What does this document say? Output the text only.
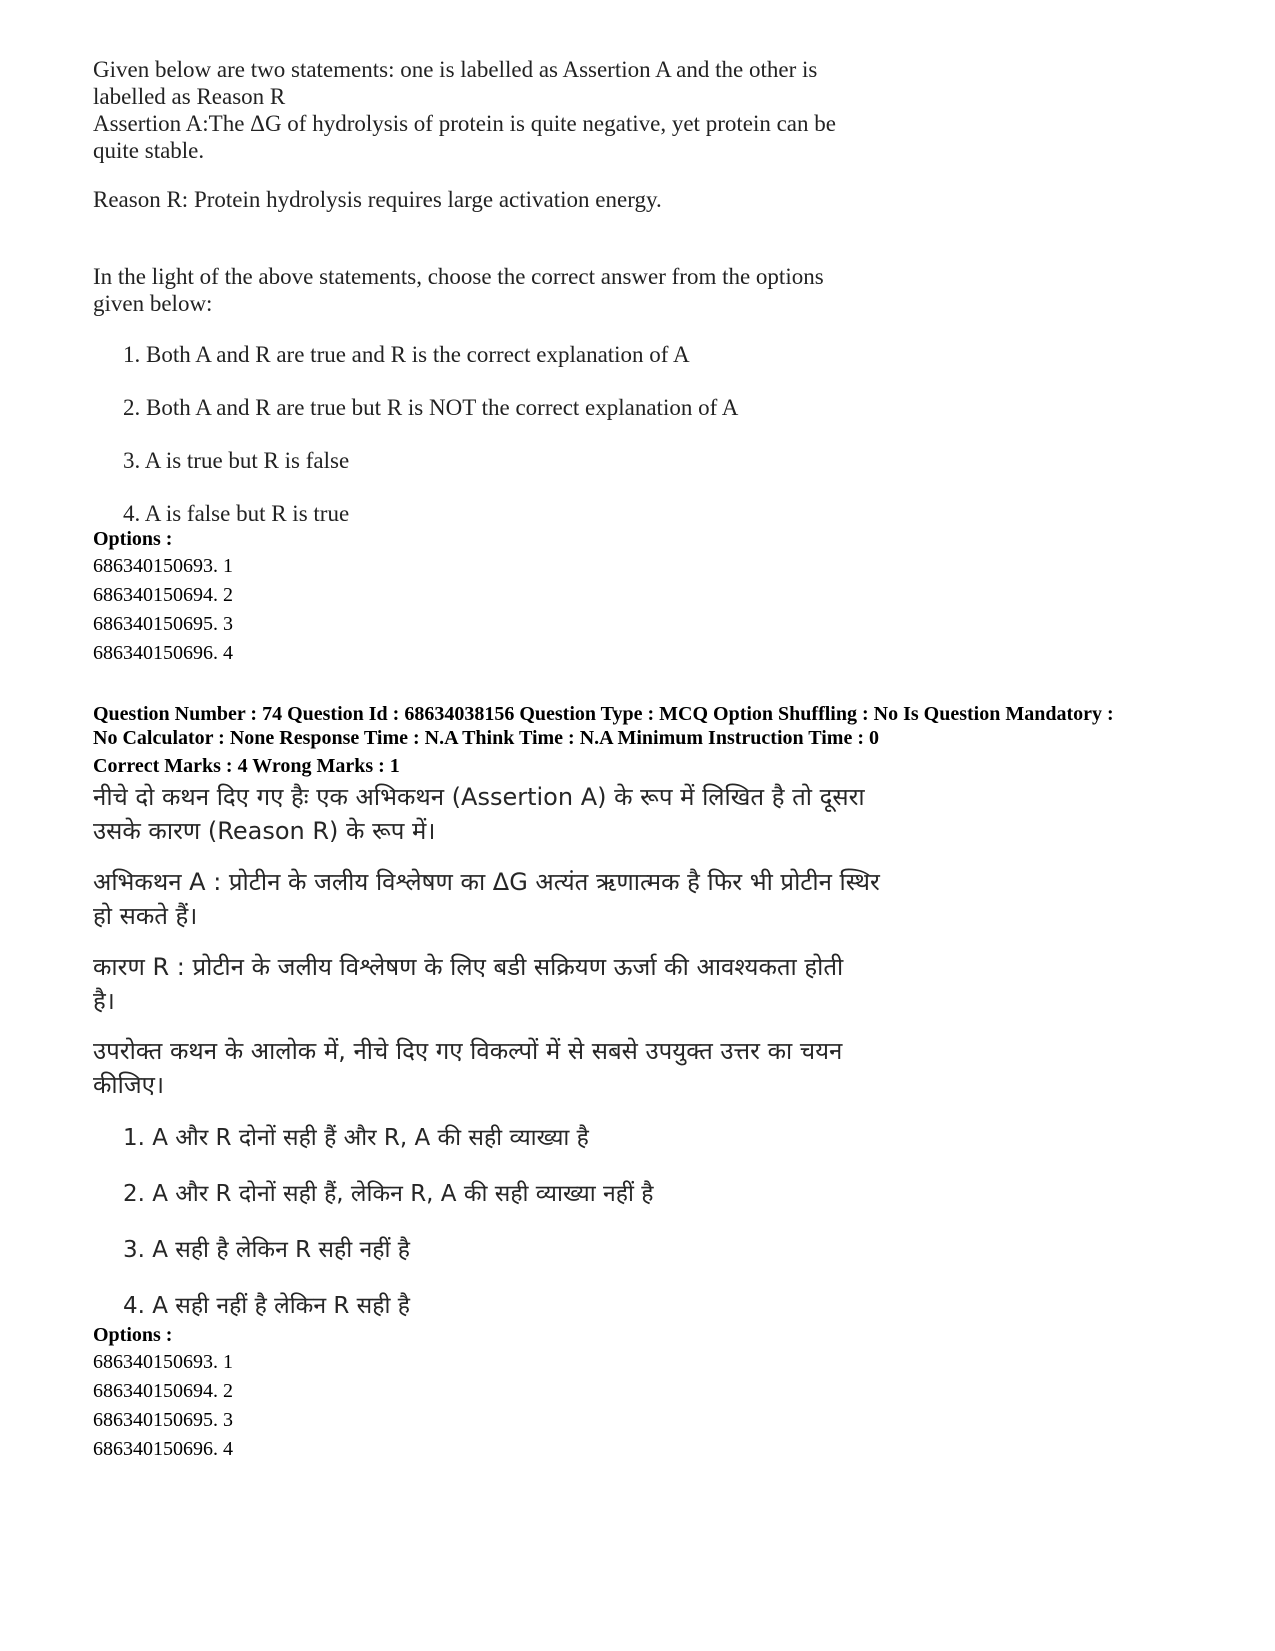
Given below are two statements: one is labelled as Assertion A and the other is

labelled as Reason R

Assertion A:The ΔG of hydrolysis of protein is quite negative, yet protein can be

quite stable.

Reason R: Protein hydrolysis requires large activation energy.

In the light of the above statements, choose the correct answer from the options

given below:

1. Both A and R are true and R is the correct explanation of A

2. Both A and R are true but R is NOT the correct explanation of A

3. A is true but R is false

4. A is false but R is true

Options :

686340150693. 1
686340150694. 2
686340150695. 3
686340150696. 4

Question Number : 74 Question Id : 68634038156 Question Type : MCQ Option Shuffling : No Is Question Mandatory :

No Calculator : None Response Time : N.A Think Time : N.A Minimum Instruction Time : 0

Correct Marks : 4 Wrong Marks : 1

नीचे दो कथन दिए गए हैः एक अभिकथन (Assertion A) के रूप में लिखित है तो दूसरा

उसके कारण (Reason R) के रूप में।

अभिकथन A : प्रोटीन के जलीय विश्लेषण का ΔG अत्यंत ऋणात्मक है फिर भी प्रोटीन स्थिर

हो सकते हैं।

कारण R : प्रोटीन के जलीय विश्लेषण के लिए बडी सक्रियण ऊर्जा की आवश्यकता होती

है।

उपरोक्त कथन के आलोक में, नीचे दिए गए विकल्पों में से सबसे उपयुक्त उत्तर का चयन

कीजिए।

1. A और R दोनों सही हैं और R, A की सही व्याख्या है

2. A और R दोनों सही हैं, लेकिन R, A की सही व्याख्या नहीं है

3. A सही है लेकिन R सही नहीं है

4. A सही नहीं है लेकिन R सही है

Options :

686340150693. 1
686340150694. 2
686340150695. 3
686340150696. 4
